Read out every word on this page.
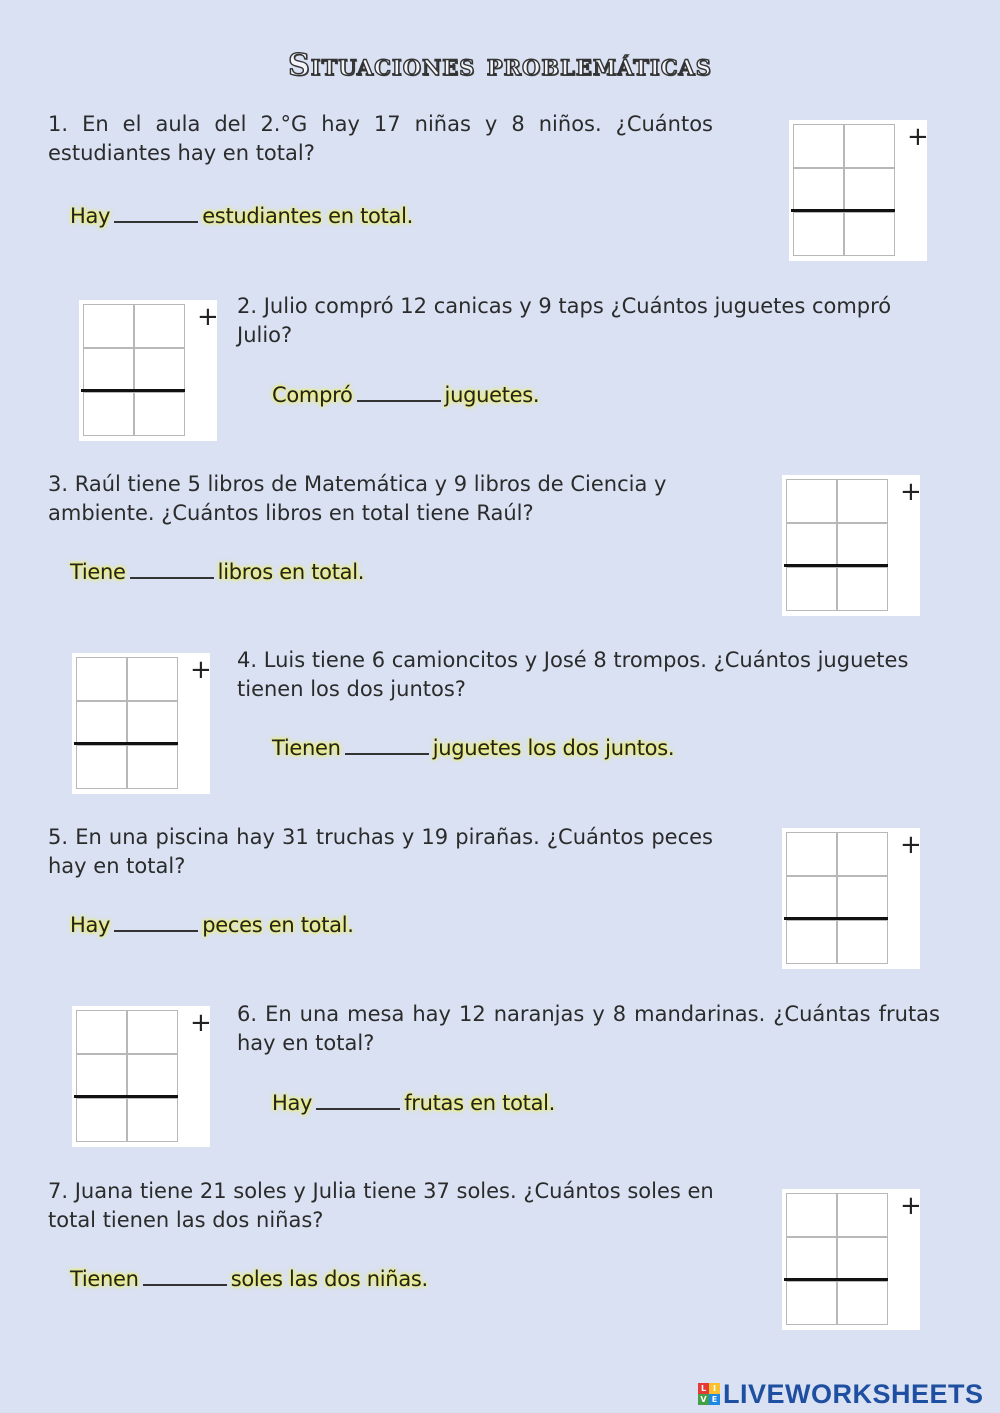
Situaciones problemáticas
1. En el aula del 2.°G hay 17 niñas y 8 niños. ¿Cuántos estudiantes hay en total?
Hay	estudiantes en total.
+
+ 2. Julio compró 12 canicas y 9 taps ¿Cuántos juguetes compró Julio?
Compró	juguetes.
3. Raúl tiene 5 libros de Matemática y 9 libros de Ciencia y ambiente. ¿Cuántos libros en total tiene Raúl?
Tiene	libros en total.
+
+ 4. Luis tiene 6 camioncitos y José 8 trompos. ¿Cuántos juguetes tienen los dos juntos?
Tienen	juguetes los dos juntos.
5. En una piscina hay 31 truchas y 19 pirañas. ¿Cuántos peces hay en total?
Hay	peces en total.
+
+ 6. En una mesa hay 12 naranjas y 8 mandarinas. ¿Cuántas frutas hay en total?
Hay	frutas en total.
7. Juana tiene 21 soles y Julia tiene 37 soles. ¿Cuántos soles en total tienen las dos niñas?
Tienen	soles las dos niñas.
+
L I
V E LIVEWORKSHEETS
